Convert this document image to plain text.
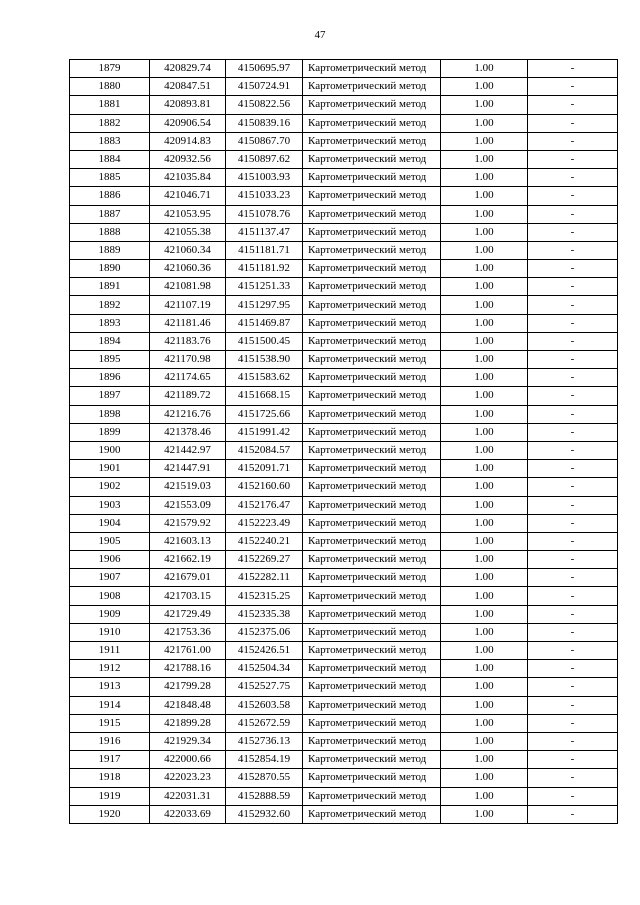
47
1879	420829.74	4150695.97	Картометрический метод	1.00	-
1880	420847.51	4150724.91	Картометрический метод	1.00	-
1881	420893.81	4150822.56	Картометрический метод	1.00	-
1882	420906.54	4150839.16	Картометрический метод	1.00	-
1883	420914.83	4150867.70	Картометрический метод	1.00	-
1884	420932.56	4150897.62	Картометрический метод	1.00	-
1885	421035.84	4151003.93	Картометрический метод	1.00	-
1886	421046.71	4151033.23	Картометрический метод	1.00	-
1887	421053.95	4151078.76	Картометрический метод	1.00	-
1888	421055.38	4151137.47	Картометрический метод	1.00	-
1889	421060.34	4151181.71	Картометрический метод	1.00	-
1890	421060.36	4151181.92	Картометрический метод	1.00	-
1891	421081.98	4151251.33	Картометрический метод	1.00	-
1892	421107.19	4151297.95	Картометрический метод	1.00	-
1893	421181.46	4151469.87	Картометрический метод	1.00	-
1894	421183.76	4151500.45	Картометрический метод	1.00	-
1895	421170.98	4151538.90	Картометрический метод	1.00	-
1896	421174.65	4151583.62	Картометрический метод	1.00	-
1897	421189.72	4151668.15	Картометрический метод	1.00	-
1898	421216.76	4151725.66	Картометрический метод	1.00	-
1899	421378.46	4151991.42	Картометрический метод	1.00	-
1900	421442.97	4152084.57	Картометрический метод	1.00	-
1901	421447.91	4152091.71	Картометрический метод	1.00	-
1902	421519.03	4152160.60	Картометрический метод	1.00	-
1903	421553.09	4152176.47	Картометрический метод	1.00	-
1904	421579.92	4152223.49	Картометрический метод	1.00	-
1905	421603.13	4152240.21	Картометрический метод	1.00	-
1906	421662.19	4152269.27	Картометрический метод	1.00	-
1907	421679.01	4152282.11	Картометрический метод	1.00	-
1908	421703.15	4152315.25	Картометрический метод	1.00	-
1909	421729.49	4152335.38	Картометрический метод	1.00	-
1910	421753.36	4152375.06	Картометрический метод	1.00	-
1911	421761.00	4152426.51	Картометрический метод	1.00	-
1912	421788.16	4152504.34	Картометрический метод	1.00	-
1913	421799.28	4152527.75	Картометрический метод	1.00	-
1914	421848.48	4152603.58	Картометрический метод	1.00	-
1915	421899.28	4152672.59	Картометрический метод	1.00	-
1916	421929.34	4152736.13	Картометрический метод	1.00	-
1917	422000.66	4152854.19	Картометрический метод	1.00	-
1918	422023.23	4152870.55	Картометрический метод	1.00	-
1919	422031.31	4152888.59	Картометрический метод	1.00	-
1920	422033.69	4152932.60	Картометрический метод	1.00	-
